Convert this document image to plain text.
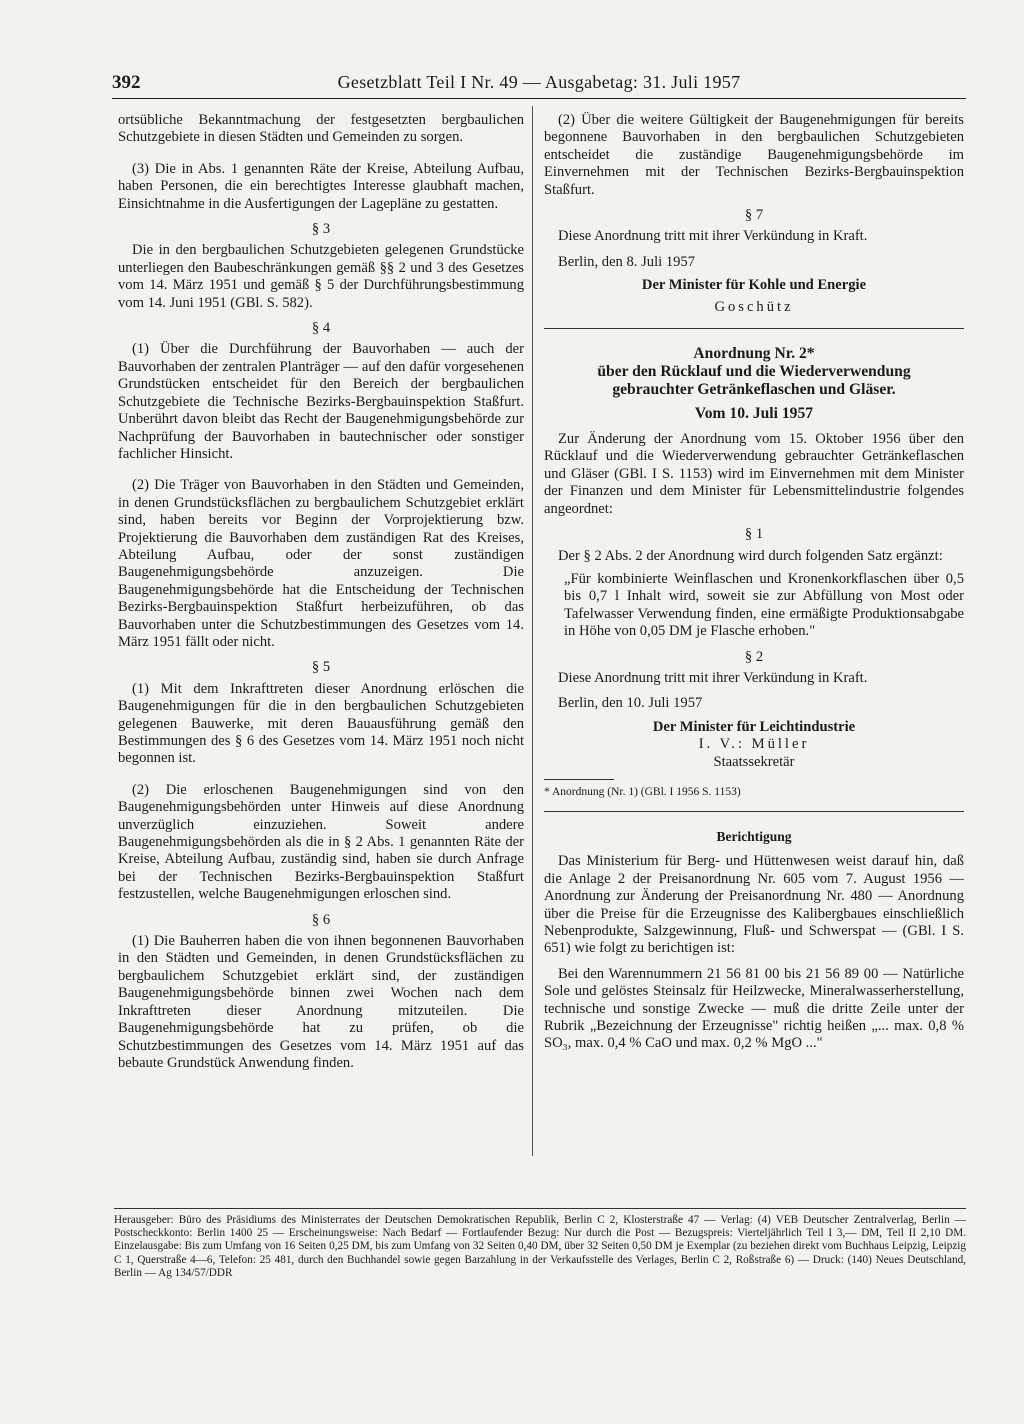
392	Gesetzblatt Teil I Nr. 49 — Ausgabetag: 31. Juli 1957

ortsübliche Bekanntmachung der festgesetzten bergbaulichen Schutzgebiete in diesen Städten und Gemeinden zu sorgen.

(3) Die in Abs. 1 genannten Räte der Kreise, Abteilung Aufbau, haben Personen, die ein berechtigtes Interesse glaubhaft machen, Einsichtnahme in die Ausfertigungen der Lagepläne zu gestatten.

§ 3

Die in den bergbaulichen Schutzgebieten gelegenen Grundstücke unterliegen den Baubeschränkungen gemäß §§ 2 und 3 des Gesetzes vom 14. März 1951 und gemäß § 5 der Durchführungsbestimmung vom 14. Juni 1951 (GBl. S. 582).

§ 4

(1) Über die Durchführung der Bauvorhaben — auch der Bauvorhaben der zentralen Planträger — auf den dafür vorgesehenen Grundstücken entscheidet für den Bereich der bergbaulichen Schutzgebiete die Technische Bezirks-Bergbauinspektion Staßfurt. Unberührt davon bleibt das Recht der Baugenehmigungsbehörde zur Nachprüfung der Bauvorhaben in bautechnischer oder sonstiger fachlicher Hinsicht.

(2) Die Träger von Bauvorhaben in den Städten und Gemeinden, in denen Grundstücksflächen zu bergbaulichem Schutzgebiet erklärt sind, haben bereits vor Beginn der Vorprojektierung bzw. Projektierung die Bauvorhaben dem zuständigen Rat des Kreises, Abteilung Aufbau, oder der sonst zuständigen Baugenehmigungsbehörde anzuzeigen. Die Baugenehmigungsbehörde hat die Entscheidung der Technischen Bezirks-Bergbauinspektion Staßfurt herbeizuführen, ob das Bauvorhaben unter die Schutzbestimmungen des Gesetzes vom 14. März 1951 fällt oder nicht.

§ 5

(1) Mit dem Inkrafttreten dieser Anordnung erlöschen die Baugenehmigungen für die in den bergbaulichen Schutzgebieten gelegenen Bauwerke, mit deren Bauausführung gemäß den Bestimmungen des § 6 des Gesetzes vom 14. März 1951 noch nicht begonnen ist.

(2) Die erloschenen Baugenehmigungen sind von den Baugenehmigungsbehörden unter Hinweis auf diese Anordnung unverzüglich einzuziehen. Soweit andere Baugenehmigungsbehörden als die in § 2 Abs. 1 genannten Räte der Kreise, Abteilung Aufbau, zuständig sind, haben sie durch Anfrage bei der Technischen Bezirks-Bergbauinspektion Staßfurt festzustellen, welche Baugenehmigungen erloschen sind.

§ 6

(1) Die Bauherren haben die von ihnen begonnenen Bauvorhaben in den Städten und Gemeinden, in denen Grundstücksflächen zu bergbaulichem Schutzgebiet erklärt sind, der zuständigen Baugenehmigungsbehörde binnen zwei Wochen nach dem Inkrafttreten dieser Anordnung mitzuteilen. Die Baugenehmigungsbehörde hat zu prüfen, ob die Schutzbestimmungen des Gesetzes vom 14. März 1951 auf das bebaute Grundstück Anwendung finden.

(2) Über die weitere Gültigkeit der Baugenehmigungen für bereits begonnene Bauvorhaben in den bergbaulichen Schutzgebieten entscheidet die zuständige Baugenehmigungsbehörde im Einvernehmen mit der Technischen Bezirks-Bergbauinspektion Staßfurt.

§ 7

Diese Anordnung tritt mit ihrer Verkündung in Kraft.

Berlin, den 8. Juli 1957

Der Minister für Kohle und Energie
Goschütz
Anordnung Nr. 2*
über den Rücklauf und die Wiederverwendung
gebrauchter Getränkeflaschen und Gläser.
Vom 10. Juli 1957

Zur Änderung der Anordnung vom 15. Oktober 1956 über den Rücklauf und die Wiederverwendung gebrauchter Getränkeflaschen und Gläser (GBl. I S. 1153) wird im Einvernehmen mit dem Minister der Finanzen und dem Minister für Lebensmittelindustrie folgendes angeordnet:

§ 1

Der § 2 Abs. 2 der Anordnung wird durch folgenden Satz ergänzt:

„Für kombinierte Weinflaschen und Kronenkorkflaschen über 0,5 bis 0,7 l Inhalt wird, soweit sie zur Abfüllung von Most oder Tafelwasser Verwendung finden, eine ermäßigte Produktionsabgabe in Höhe von 0,05 DM je Flasche erhoben."

§ 2

Diese Anordnung tritt mit ihrer Verkündung in Kraft.

Berlin, den 10. Juli 1957

Der Minister für Leichtindustrie
I. V.: Müller
Staatssekretär
* Anordnung (Nr. 1) (GBl. I 1956 S. 1153)
Berichtigung

Das Ministerium für Berg- und Hüttenwesen weist darauf hin, daß die Anlage 2 der Preisanordnung Nr. 605 vom 7. August 1956 — Anordnung zur Änderung der Preisanordnung Nr. 480 — Anordnung über die Preise für die Erzeugnisse des Kalibergbaues einschließlich Nebenprodukte, Salzgewinnung, Fluß- und Schwerspat — (GBl. I S. 651) wie folgt zu berichtigen ist:

Bei den Warennummern 21 56 81 00 bis 21 56 89 00 — Natürliche Sole und gelöstes Steinsalz für Heilzwecke, Mineralwasserherstellung, technische und sonstige Zwecke — muß die dritte Zeile unter der Rubrik „Bezeichnung der Erzeugnisse" richtig heißen „... max. 0,8 % SO₃, max. 0,4 % CaO und max. 0,2 % MgO ..."

Herausgeber: Büro des Präsidiums des Ministerrates der Deutschen Demokratischen Republik, Berlin C 2, Klosterstraße 47 — Verlag: (4) VEB Deutscher Zentralverlag, Berlin — Postscheckkonto: Berlin 1400 25 — Erscheinungsweise: Nach Bedarf — Fortlaufender Bezug: Nur durch die Post — Bezugspreis: Vierteljährlich Teil I 3,— DM, Teil II 2,10 DM. Einzelausgabe: Bis zum Umfang von 16 Seiten 0,25 DM, bis zum Umfang von 32 Seiten 0,40 DM, über 32 Seiten 0,50 DM je Exemplar (zu beziehen direkt vom Buchhaus Leipzig, Leipzig C 1, Querstraße 4—6, Telefon: 25 481, durch den Buchhandel sowie gegen Barzahlung in der Verkaufsstelle des Verlages, Berlin C 2, Roßstraße 6) — Druck: (140) Neues Deutschland, Berlin — Ag 134/57/DDR
